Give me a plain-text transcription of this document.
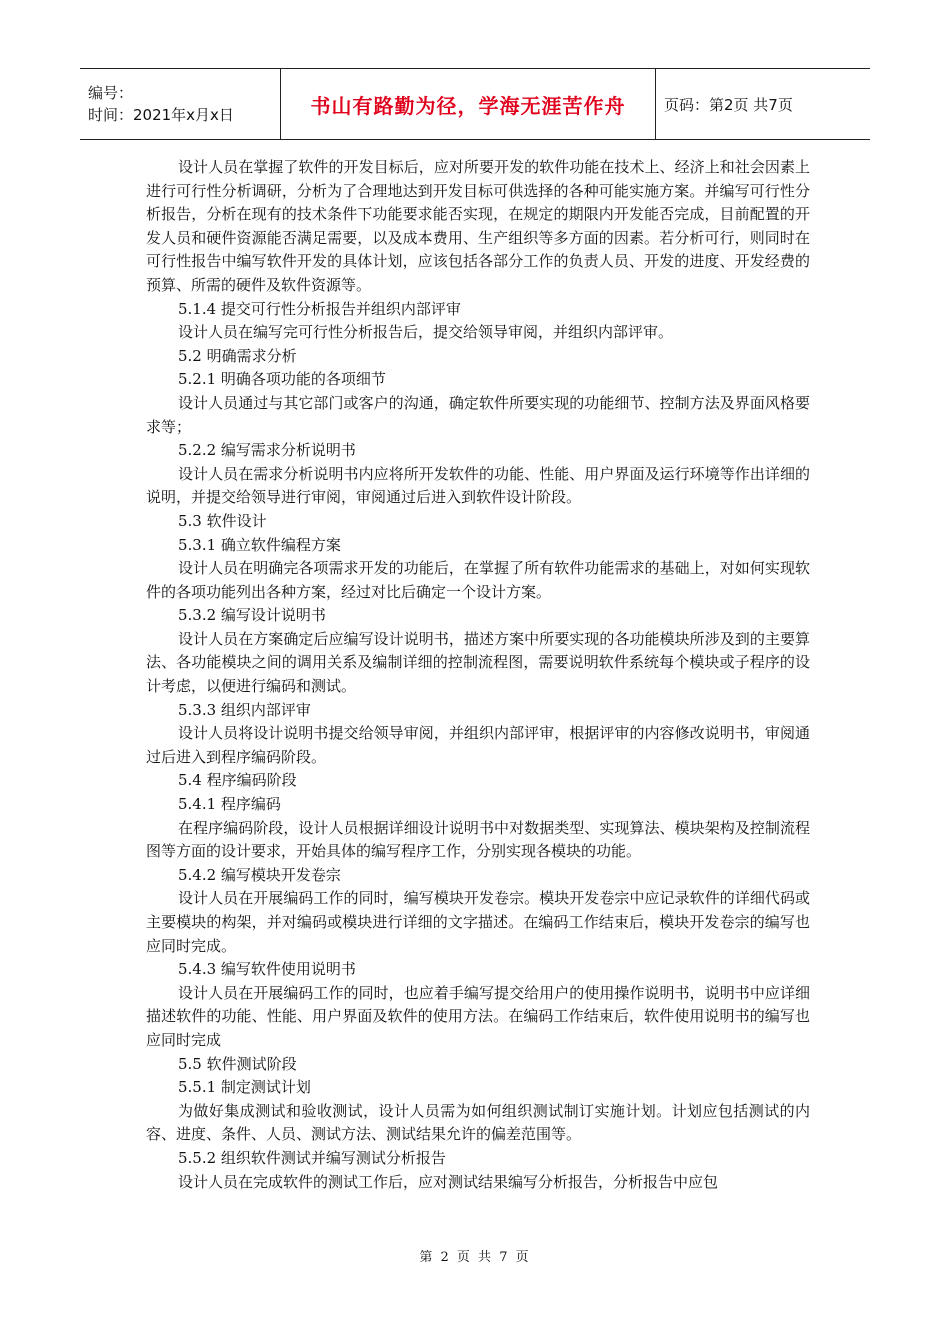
编号：
时间：2021年x月x日	书山有路勤为径，学海无涯苦作舟	页码：第2页 共7页

设计人员在掌握了软件的开发目标后，应对所要开发的软件功能在技术上、经济上和社会因素上进行可行性分析调研，分析为了合理地达到开发目标可供选择的各种可能实施方案。并编写可行性分析报告，分析在现有的技术条件下功能要求能否实现，在规定的期限内开发能否完成，目前配置的开发人员和硬件资源能否满足需要，以及成本费用、生产组织等多方面的因素。若分析可行，则同时在可行性报告中编写软件开发的具体计划，应该包括各部分工作的负责人员、开发的进度、开发经费的预算、所需的硬件及软件资源等。

5.1.4 提交可行性分析报告并组织内部评审

设计人员在编写完可行性分析报告后，提交给领导审阅，并组织内部评审。

5.2 明确需求分析

5.2.1 明确各项功能的各项细节

设计人员通过与其它部门或客户的沟通，确定软件所要实现的功能细节、控制方法及界面风格要求等；

5.2.2 编写需求分析说明书

设计人员在需求分析说明书内应将所开发软件的功能、性能、用户界面及运行环境等作出详细的说明，并提交给领导进行审阅，审阅通过后进入到软件设计阶段。

5.3 软件设计

5.3.1 确立软件编程方案

设计人员在明确完各项需求开发的功能后，在掌握了所有软件功能需求的基础上，对如何实现软件的各项功能列出各种方案，经过对比后确定一个设计方案。

5.3.2 编写设计说明书

设计人员在方案确定后应编写设计说明书，描述方案中所要实现的各功能模块所涉及到的主要算法、各功能模块之间的调用关系及编制详细的控制流程图，需要说明软件系统每个模块或子程序的设计考虑，以便进行编码和测试。

5.3.3 组织内部评审

设计人员将设计说明书提交给领导审阅，并组织内部评审，根据评审的内容修改说明书，审阅通过后进入到程序编码阶段。

5.4 程序编码阶段

5.4.1 程序编码

在程序编码阶段，设计人员根据详细设计说明书中对数据类型、实现算法、模块架构及控制流程图等方面的设计要求，开始具体的编写程序工作，分别实现各模块的功能。

5.4.2 编写模块开发卷宗

设计人员在开展编码工作的同时，编写模块开发卷宗。模块开发卷宗中应记录软件的详细代码或主要模块的构架，并对编码或模块进行详细的文字描述。在编码工作结束后，模块开发卷宗的编写也应同时完成。

5.4.3 编写软件使用说明书

设计人员在开展编码工作的同时，也应着手编写提交给用户的使用操作说明书，说明书中应详细描述软件的功能、性能、用户界面及软件的使用方法。在编码工作结束后，软件使用说明书的编写也应同时完成

5.5 软件测试阶段

5.5.1 制定测试计划

为做好集成测试和验收测试，设计人员需为如何组织测试制订实施计划。计划应包括测试的内容、进度、条件、人员、测试方法、测试结果允许的偏差范围等。

5.5.2 组织软件测试并编写测试分析报告

设计人员在完成软件的测试工作后，应对测试结果编写分析报告，分析报告中应包

第 2 页 共 7 页
